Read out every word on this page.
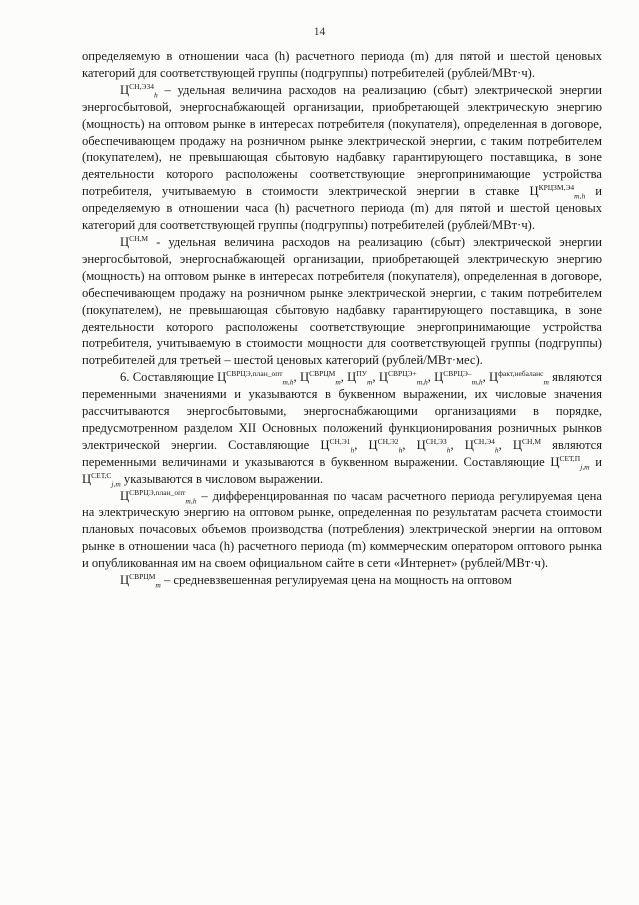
14

определяемую в отношении часа (h) расчетного периода (m) для пятой и шестой ценовых категорий для соответствующей группы (подгруппы) потребителей (рублей/МВт·ч).

$Ц^{СН,ЭЗ4}_h$ – удельная величина расходов на реализацию (сбыт) электрической энергии энергосбытовой, энергоснабжающей организации, приобретающей электрическую энергию (мощность) на оптовом рынке в интересах потребителя (покупателя), определенная в договоре, обеспечивающем продажу на розничном рынке электрической энергии, с таким потребителем (покупателем), не превышающая сбытовую надбавку гарантирующего поставщика, в зоне деятельности которого расположены соответствующие энергопринимающие устройства потребителя, учитываемую в стоимости электрической энергии в ставке $Ц^{КРЦЗМ,Э4}_{m,h}$ и определяемую в отношении часа (h) расчетного периода (m) для пятой и шестой ценовых категорий для соответствующей группы (подгруппы) потребителей (рублей/МВт·ч).

$Ц^{СН,М}$ - удельная величина расходов на реализацию (сбыт) электрической энергии энергосбытовой, энергоснабжающей организации, приобретающей электрическую энергию (мощность) на оптовом рынке в интересах потребителя (покупателя), определенная в договоре, обеспечивающем продажу на розничном рынке электрической энергии, с таким потребителем (покупателем), не превышающая сбытовую надбавку гарантирующего поставщика, в зоне деятельности которого расположены соответствующие энергопринимающие устройства потребителя, учитываемую в стоимости мощности для соответствующей группы (подгруппы) потребителей для третьей – шестой ценовых категорий (рублей/МВт·мес).

6. Составляющие $Ц^{СВРЦЭ,план\_опт}_{m,h}$, $Ц^{СВРЦМ}_m$, $Ц^{ПУ}_m$, $Ц^{СВРЦЭ+}_{m,h}$, $Ц^{СВРЦЭ-}_{m,h}$, $Ц^{факт,небаланс}_m$ являются переменными значениями и указываются в буквенном выражении, их числовые значения рассчитываются энергосбытовыми, энергоснабжающими организациями в порядке, предусмотренном разделом XII Основных положений функционирования розничных рынков электрической энергии. Составляющие $Ц^{СН,Э1}_h$, $Ц^{СН,Э2}_h$, $Ц^{СН,ЭЗ}_h$, $Ц^{СН,Э4}_h$, $Ц^{СН,М}$ являются переменными величинами и указываются в буквенном выражении. Составляющие $Ц^{СЕТ,П}_{j,m}$ и $Ц^{СЕТ,С}_{j,m}$ указываются в числовом выражении.

$Ц^{СВРЦЭ,план\_опт}_{m,h}$ – дифференцированная по часам расчетного периода регулируемая цена на электрическую энергию на оптовом рынке, определенная по результатам расчета стоимости плановых почасовых объемов производства (потребления) электрической энергии на оптовом рынке в отношении часа (h) расчетного периода (m) коммерческим оператором оптового рынка и опубликованная им на своем официальном сайте в сети «Интернет» (рублей/МВт·ч).

$Ц^{СВРЦМ}_m$ – средневзвешенная регулируемая цена на мощность на оптовом
